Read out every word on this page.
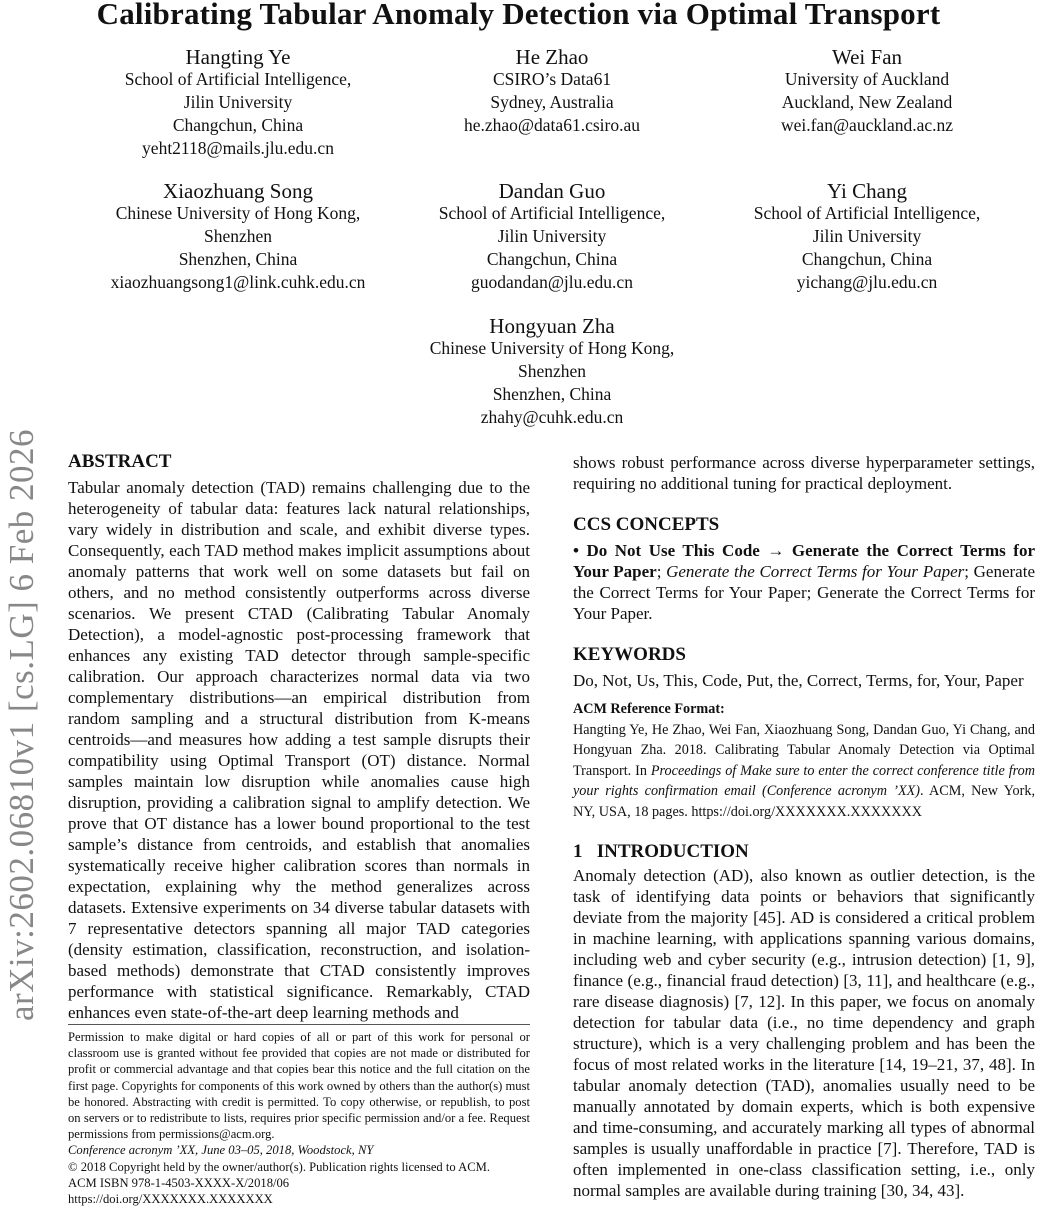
Calibrating Tabular Anomaly Detection via Optimal Transport
arXiv:2602.06810v1 [cs.LG] 6 Feb 2026
Hangting Ye
School of Artificial Intelligence,
Jilin University
Changchun, China
yeht2118@mails.jlu.edu.cn
He Zhao
CSIRO’s Data61
Sydney, Australia
he.zhao@data61.csiro.au
Wei Fan
University of Auckland
Auckland, New Zealand
wei.fan@auckland.ac.nz
Xiaozhuang Song
Chinese University of Hong Kong,
Shenzhen
Shenzhen, China
xiaozhuangsong1@link.cuhk.edu.cn
Dandan Guo
School of Artificial Intelligence,
Jilin University
Changchun, China
guodandan@jlu.edu.cn
Yi Chang
School of Artificial Intelligence,
Jilin University
Changchun, China
yichang@jlu.edu.cn
Hongyuan Zha
Chinese University of Hong Kong,
Shenzhen
Shenzhen, China
zhahy@cuhk.edu.cn
ABSTRACT

Tabular anomaly detection (TAD) remains challenging due to the heterogeneity of tabular data: features lack natural relationships, vary widely in distribution and scale, and exhibit diverse types. Consequently, each TAD method makes implicit assumptions about anomaly patterns that work well on some datasets but fail on others, and no method consistently outperforms across diverse scenarios. We present CTAD (Calibrating Tabular Anomaly Detection), a model-agnostic post-processing framework that enhances any existing TAD detector through sample-specific calibration. Our approach characterizes normal data via two complementary distributions—an empirical distribution from random sampling and a structural distribution from K-means centroids—and measures how adding a test sample disrupts their compatibility using Optimal Transport (OT) distance. Normal samples maintain low disruption while anomalies cause high disruption, providing a calibration signal to amplify detection. We prove that OT distance has a lower bound proportional to the test sample’s distance from centroids, and establish that anomalies systematically receive higher calibration scores than normals in expectation, explaining why the method generalizes across datasets. Extensive experiments on 34 diverse tabular datasets with 7 representative detectors spanning all major TAD categories (density estimation, classification, reconstruction, and isolation-based methods) demonstrate that CTAD consistently improves performance with statistical significance. Remarkably, CTAD enhances even state-of-the-art deep learning methods and

Permission to make digital or hard copies of all or part of this work for personal or classroom use is granted without fee provided that copies are not made or distributed for profit or commercial advantage and that copies bear this notice and the full citation on the first page. Copyrights for components of this work owned by others than the author(s) must be honored. Abstracting with credit is permitted. To copy otherwise, or republish, to post on servers or to redistribute to lists, requires prior specific permission and/or a fee. Request permissions from permissions@acm.org.

Conference acronym ’XX, June 03–05, 2018, Woodstock, NY

© 2018 Copyright held by the owner/author(s). Publication rights licensed to ACM.

ACM ISBN 978-1-4503-XXXX-X/2018/06

https://doi.org/XXXXXXX.XXXXXXX

shows robust performance across diverse hyperparameter settings, requiring no additional tuning for practical deployment.

CCS CONCEPTS

• Do Not Use This Code → Generate the Correct Terms for Your Paper; Generate the Correct Terms for Your Paper; Generate the Correct Terms for Your Paper; Generate the Correct Terms for Your Paper.

KEYWORDS

Do, Not, Us, This, Code, Put, the, Correct, Terms, for, Your, Paper

ACM Reference Format:

Hangting Ye, He Zhao, Wei Fan, Xiaozhuang Song, Dandan Guo, Yi Chang, and Hongyuan Zha. 2018. Calibrating Tabular Anomaly Detection via Optimal Transport. In Proceedings of Make sure to enter the correct conference title from your rights confirmation email (Conference acronym ’XX). ACM, New York, NY, USA, 18 pages. https://doi.org/XXXXXXX.XXXXXXX

1 INTRODUCTION

Anomaly detection (AD), also known as outlier detection, is the task of identifying data points or behaviors that significantly deviate from the majority [45]. AD is considered a critical problem in machine learning, with applications spanning various domains, including web and cyber security (e.g., intrusion detection) [1, 9], finance (e.g., financial fraud detection) [3, 11], and healthcare (e.g., rare disease diagnosis) [7, 12]. In this paper, we focus on anomaly detection for tabular data (i.e., no time dependency and graph structure), which is a very challenging problem and has been the focus of most related works in the literature [14, 19–21, 37, 48]. In tabular anomaly detection (TAD), anomalies usually need to be manually annotated by domain experts, which is both expensive and time-consuming, and accurately marking all types of abnormal samples is usually unaffordable in practice [7]. Therefore, TAD is often implemented in one-class classification setting, i.e., only normal samples are available during training [30, 34, 43].
